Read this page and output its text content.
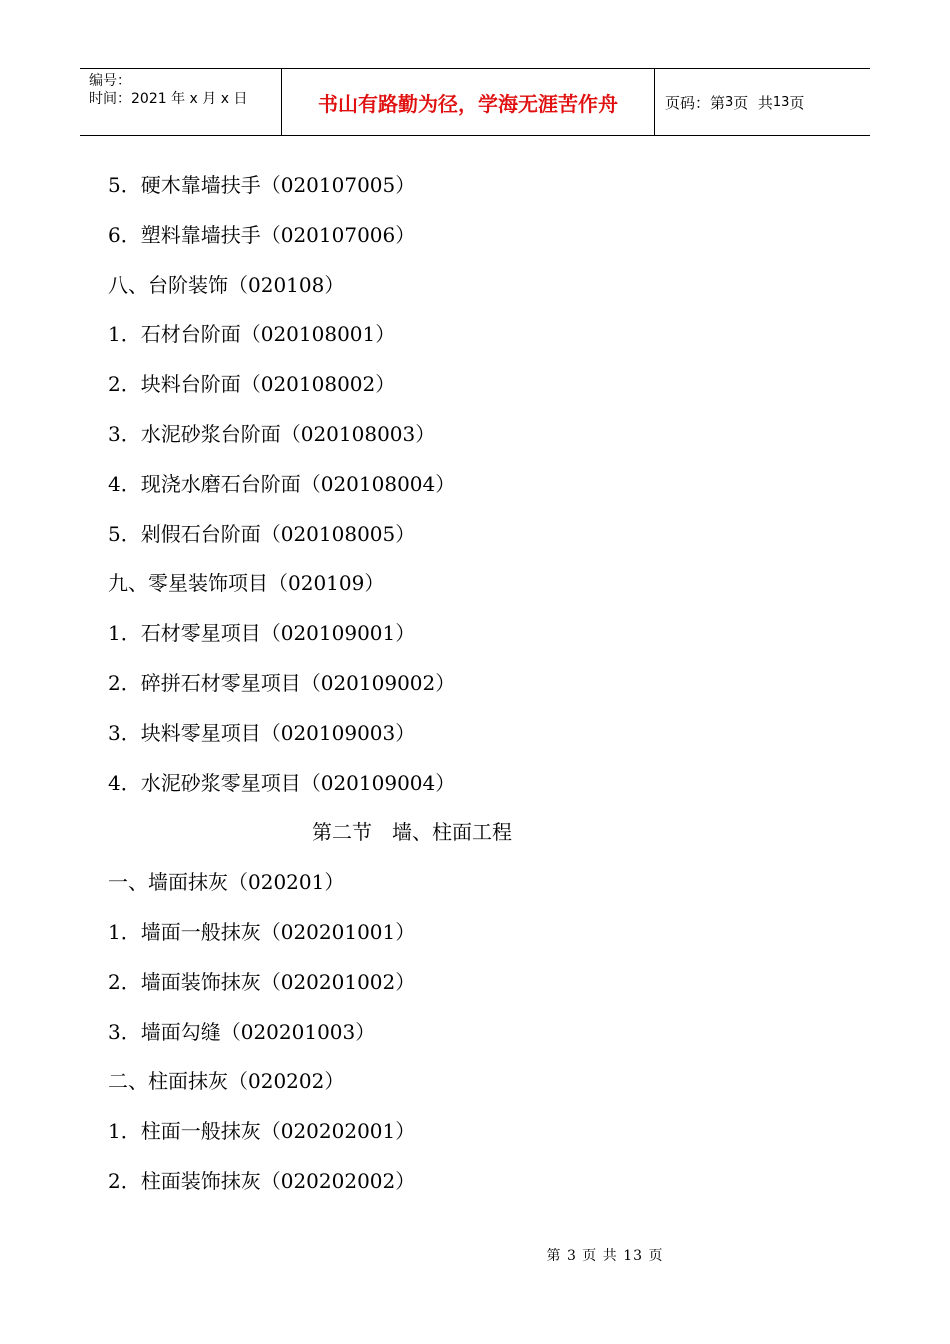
编号：
时间：2021 年 x 月 x 日	书山有路勤为径，学海无涯苦作舟	页码：第 3 页  共 13 页
5．硬木靠墙扶手（020107005）
6．塑料靠墙扶手（020107006）
八、台阶装饰（020108）
1．石材台阶面（020108001）
2．块料台阶面（020108002）
3．水泥砂浆台阶面（020108003）
4．现浇水磨石台阶面（020108004）
5．剁假石台阶面（020108005）
九、零星装饰项目（020109）
1．石材零星项目（020109001）
2．碎拼石材零星项目（020109002）
3．块料零星项目（020109003）
4．水泥砂浆零星项目（020109004）
第二节　墙、柱面工程
一、墙面抹灰（020201）
1．墙面一般抹灰（020201001）
2．墙面装饰抹灰（020201002）
3．墙面勾缝（020201003）
二、柱面抹灰（020202）
1．柱面一般抹灰（020202001）
2．柱面装饰抹灰（020202002）
第 3 页 共 13 页
